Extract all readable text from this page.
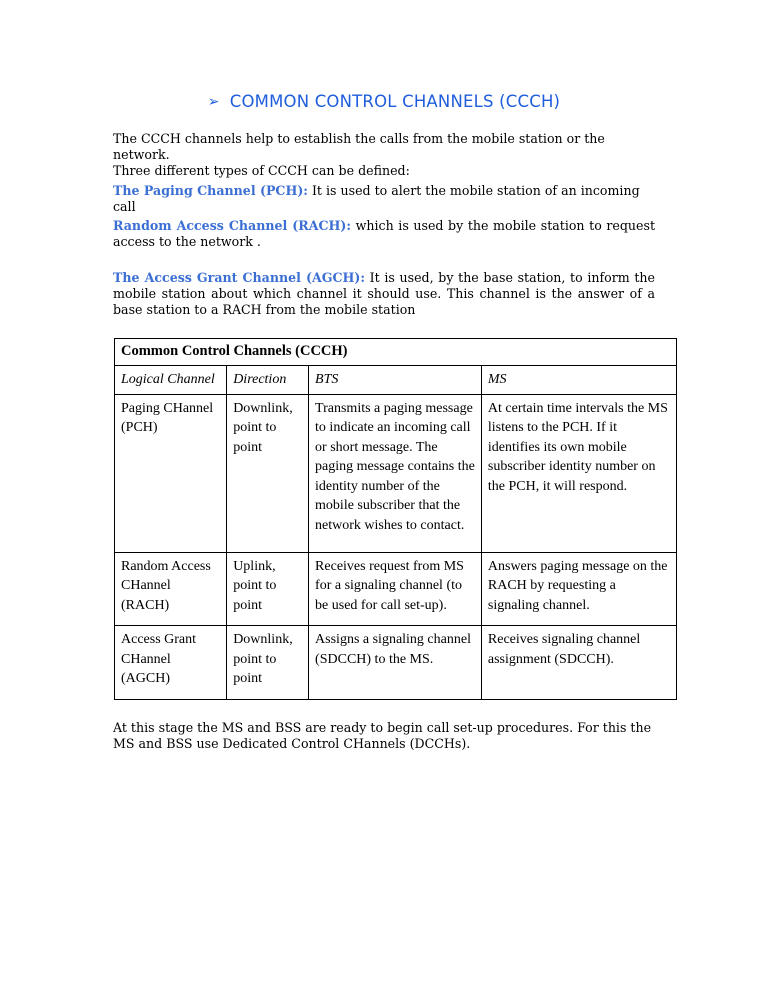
➢ COMMON CONTROL CHANNELS (CCCH)

The CCCH channels help to establish the calls from the mobile station or the network.
Three different types of CCCH can be defined:

The Paging Channel (PCH): It is used to alert the mobile station of an incoming call

Random Access Channel (RACH): which is used by the mobile station to request access to the network .

The Access Grant Channel (AGCH): It is used, by the base station, to inform the mobile station about which channel it should use. This channel is the answer of a base station to a RACH from the mobile station

Common Control Channels (CCCH)			
Logical Channel	Direction	BTS	MS
Paging CHannel (PCH)	Downlink, point to point	Transmits a paging message to indicate an incoming call or short message. The paging message contains the identity number of the mobile subscriber that the network wishes to contact.	At certain time intervals the MS listens to the PCH. If it identifies its own mobile subscriber identity number on the PCH, it will respond.
Random Access CHannel (RACH)	Uplink, point to point	Receives request from MS for a signaling channel (to be used for call set-up).	Answers paging message on the RACH by requesting a signaling channel.
Access Grant CHannel (AGCH)	Downlink, point to point	Assigns a signaling channel (SDCCH) to the MS.	Receives signaling channel assignment (SDCCH).

At this stage the MS and BSS are ready to begin call set-up procedures. For this the MS and BSS use Dedicated Control CHannels (DCCHs).
